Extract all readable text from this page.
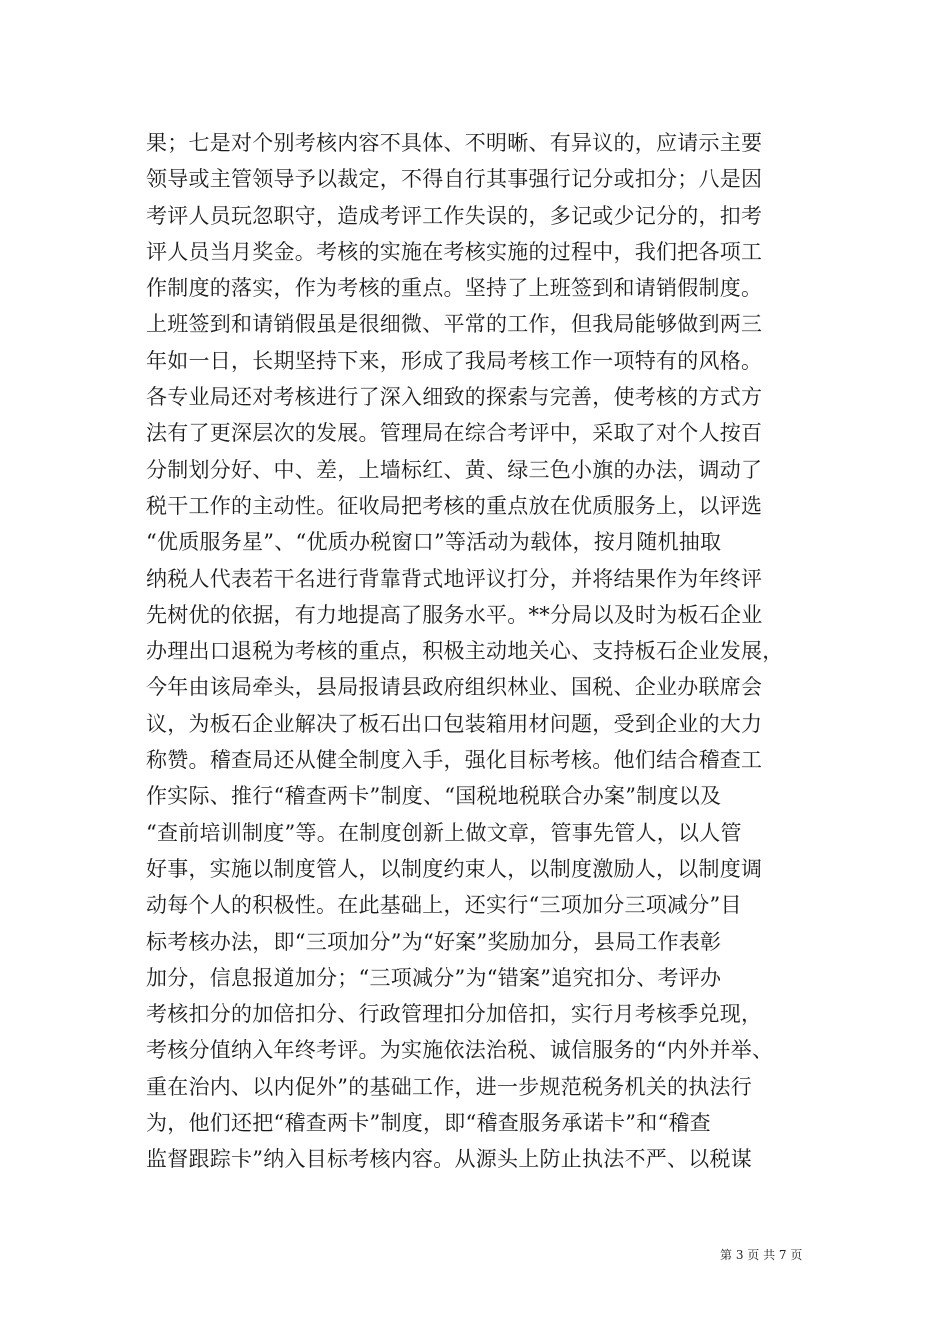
果；七是对个别考核内容不具体、不明晰、有异议的，应请示主要
领导或主管领导予以裁定，不得自行其事强行记分或扣分；八是因
考评人员玩忽职守，造成考评工作失误的，多记或少记分的，扣考
评人员当月奖金。考核的实施在考核实施的过程中，我们把各项工
作制度的落实，作为考核的重点。坚持了上班签到和请销假制度。
上班签到和请销假虽是很细微、平常的工作，但我局能够做到两三
年如一日，长期坚持下来，形成了我局考核工作一项特有的风格。
各专业局还对考核进行了深入细致的探索与完善，使考核的方式方
法有了更深层次的发展。管理局在综合考评中，采取了对个人按百
分制划分好、中、差，上墙标红、黄、绿三色小旗的办法，调动了
税干工作的主动性。征收局把考核的重点放在优质服务上，以评选
“优质服务星”、“优质办税窗口”等活动为载体，按月随机抽取
纳税人代表若干名进行背靠背式地评议打分，并将结果作为年终评
先树优的依据，有力地提高了服务水平。**分局以及时为板石企业
办理出口退税为考核的重点，积极主动地关心、支持板石企业发展，
今年由该局牵头，县局报请县政府组织林业、国税、企业办联席会
议，为板石企业解决了板石出口包装箱用材问题，受到企业的大力
称赞。稽查局还从健全制度入手，强化目标考核。他们结合稽查工
作实际、推行“稽查两卡”制度、“国税地税联合办案”制度以及
“查前培训制度”等。在制度创新上做文章，管事先管人，以人管
好事，实施以制度管人，以制度约束人，以制度激励人，以制度调
动每个人的积极性。在此基础上，还实行“三项加分三项减分”目
标考核办法，即“三项加分”为“好案”奖励加分，县局工作表彰
加分，信息报道加分；“三项减分”为“错案”追究扣分、考评办
考核扣分的加倍扣分、行政管理扣分加倍扣，实行月考核季兑现，
考核分值纳入年终考评。为实施依法治税、诚信服务的“内外并举、
重在治内、以内促外”的基础工作，进一步规范税务机关的执法行
为，他们还把“稽查两卡”制度，即“稽查服务承诺卡”和“稽查
监督跟踪卡”纳入目标考核内容。从源头上防止执法不严、以税谋
第 3 页 共 7 页
